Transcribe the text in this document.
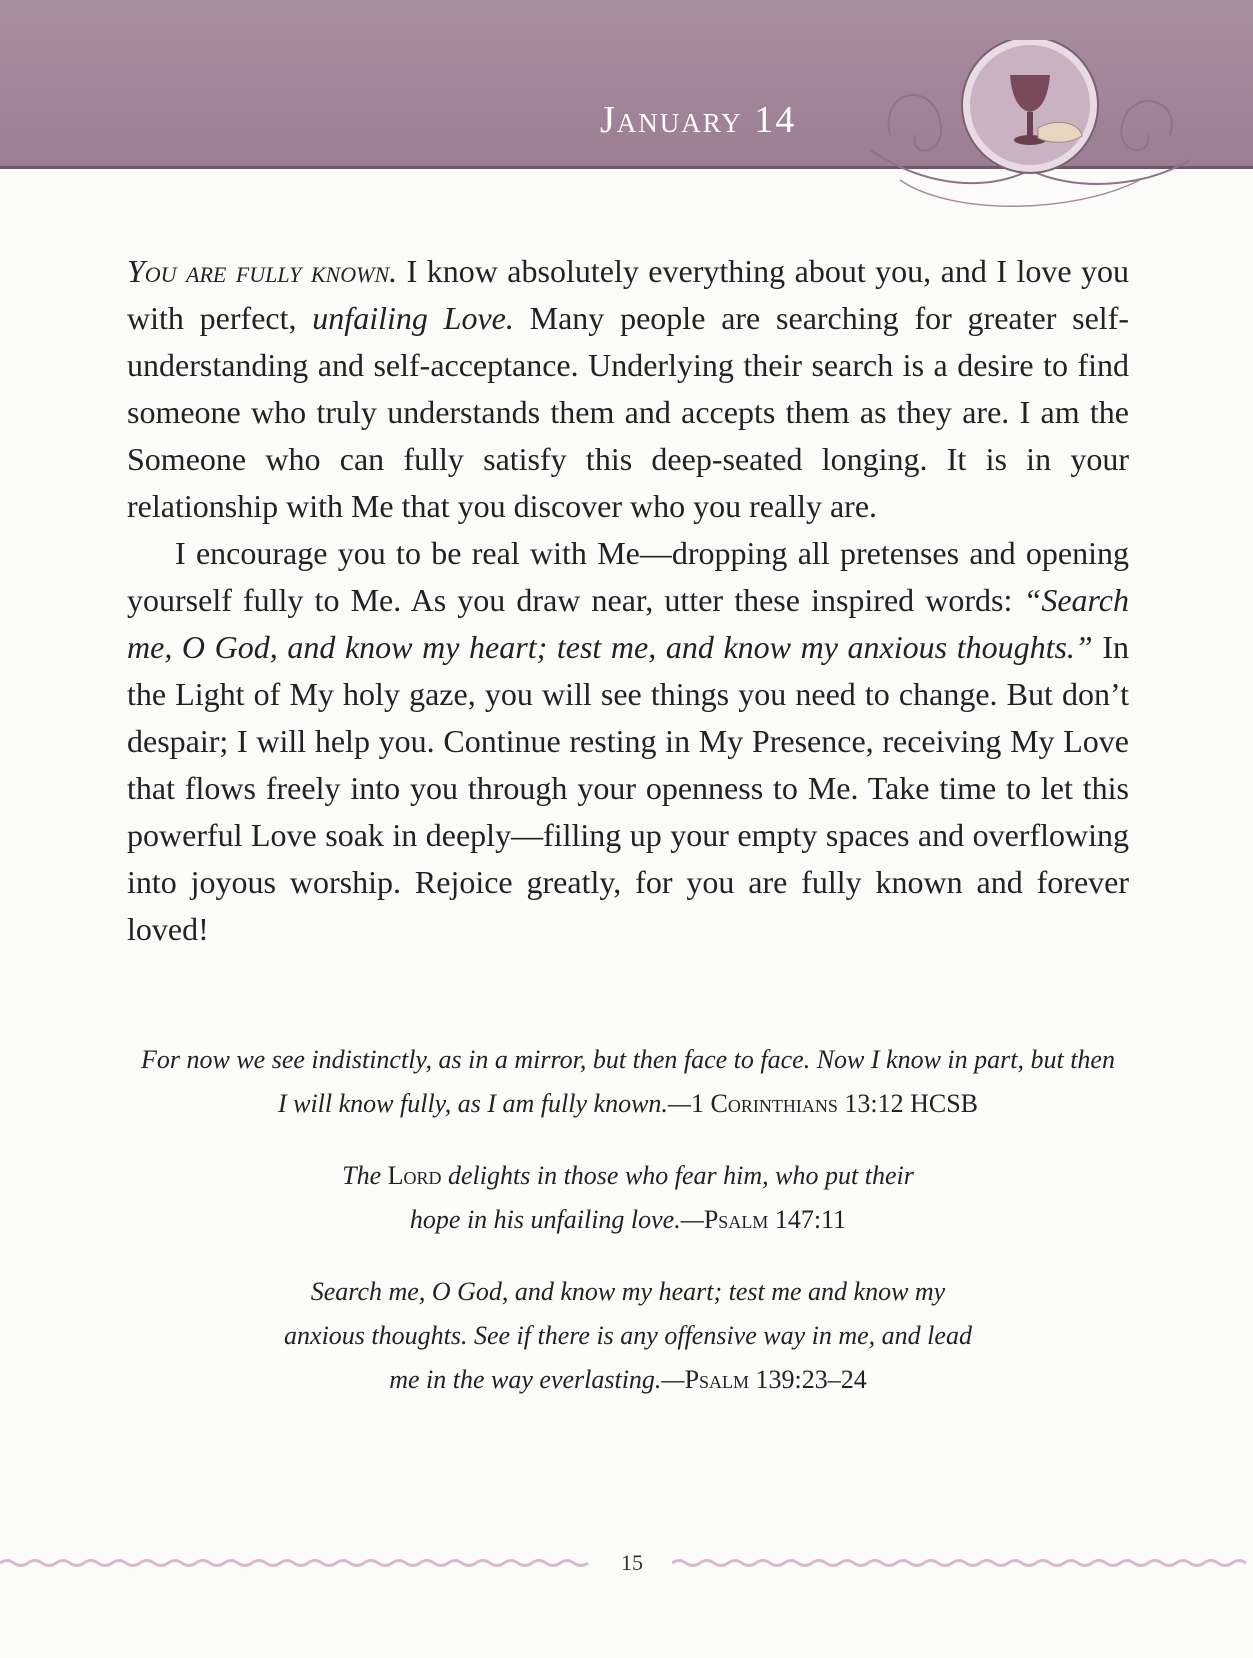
January 14

You are fully known. I know absolutely everything about you, and I love you with perfect, unfailing Love. Many people are searching for greater self-understanding and self-acceptance. Underlying their search is a desire to find someone who truly understands them and accepts them as they are. I am the Someone who can fully satisfy this deep-seated longing. It is in your relationship with Me that you discover who you really are.

I encourage you to be real with Me—dropping all pretenses and opening yourself fully to Me. As you draw near, utter these inspired words: “Search me, O God, and know my heart; test me, and know my anxious thoughts.” In the Light of My holy gaze, you will see things you need to change. But don’t despair; I will help you. Continue resting in My Presence, receiving My Love that flows freely into you through your openness to Me. Take time to let this powerful Love soak in deeply—filling up your empty spaces and overflowing into joyous worship. Rejoice greatly, for you are fully known and forever loved!

For now we see indistinctly, as in a mirror, but then face to face. Now I know in part, but then I will know fully, as I am fully known.—1 Corinthians 13:12 HCSB

The Lord delights in those who fear him, who put their hope in his unfailing love.—Psalm 147:11

Search me, O God, and know my heart; test me and know my anxious thoughts. See if there is any offensive way in me, and lead me in the way everlasting.—Psalm 139:23–24

15
